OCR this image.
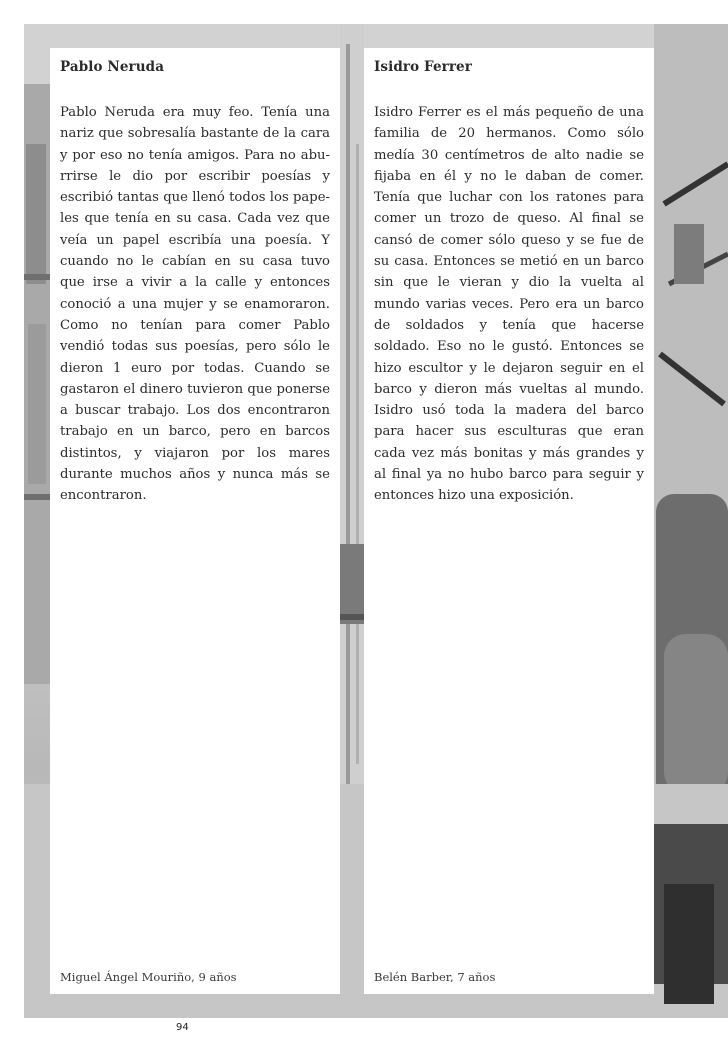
Pablo Neruda

Pablo Neruda era muy feo. Tenía una nariz que sobresalía bastante de la cara y por eso no tenía amigos. Para no aburrirse le dio por escribir poesías y escribió tantas que llenó todos los papeles que tenía en su casa. Cada vez que veía un papel escribía una poesía. Y cuando no le cabían en su casa tuvo que irse a vivir a la calle y entonces conoció a una mujer y se enamoraron. Como no tenían para comer Pablo vendió todas sus poesías, pero sólo le dieron 1 euro por todas. Cuando se gastaron el dinero tuvieron que ponerse a buscar trabajo. Los dos encontraron trabajo en un barco, pero en barcos distintos, y viajaron por los mares durante muchos años y nunca más se encontraron.

Miguel Ángel Mouriño, 9 años
Isidro Ferrer

Isidro Ferrer es el más pequeño de una familia de 20 hermanos. Como sólo medía 30 centímetros de alto nadie se fijaba en él y no le daban de comer. Tenía que luchar con los ratones para comer un trozo de queso. Al final se cansó de comer sólo queso y se fue de su casa. Entonces se metió en un barco sin que le vieran y dio la vuelta al mundo varias veces. Pero era un barco de soldados y tenía que hacerse soldado. Eso no le gustó. Entonces se hizo escultor y le dejaron seguir en el barco y dieron más vueltas al mundo. Isidro usó toda la madera del barco para hacer sus esculturas que eran cada vez más bonitas y más grandes y al final ya no hubo barco para seguir y entonces hizo una exposición.

Belén Barber, 7 años
94
